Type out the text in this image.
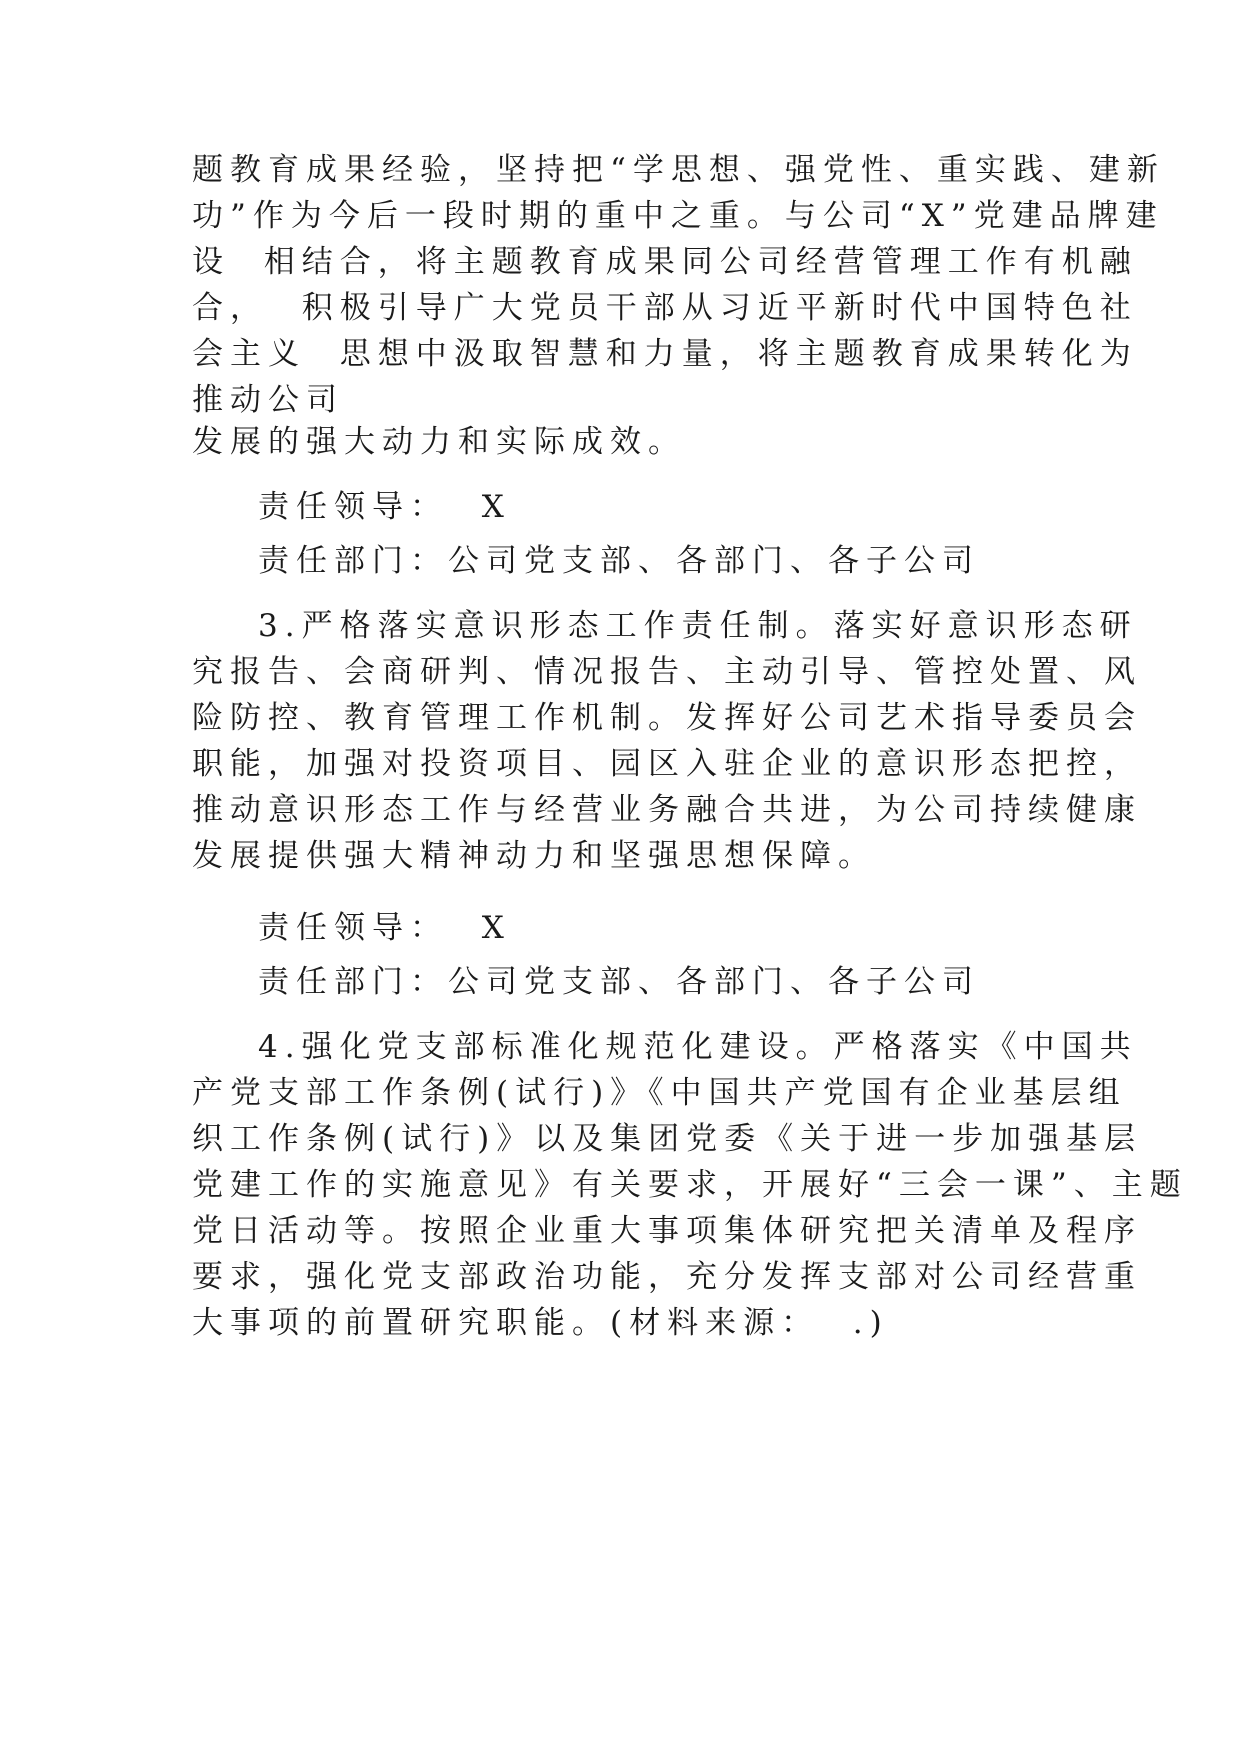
题教育成果经验，坚持把“学思想、强党性、重实践、建新
功”作为今后一段时期的重中之重。与公司“X”党建品牌建
设  相结合，将主题教育成果同公司经营管理工作有机融
合，  积极引导广大党员干部从习近平新时代中国特色社
会主义  思想中汲取智慧和力量，将主题教育成果转化为
推动公司
发展的强大动力和实际成效。
责任领导：  X
责任部门：公司党支部、各部门、各子公司
3.严格落实意识形态工作责任制。落实好意识形态研
究报告、会商研判、情况报告、主动引导、管控处置、风
险防控、教育管理工作机制。发挥好公司艺术指导委员会
职能，加强对投资项目、园区入驻企业的意识形态把控，
推动意识形态工作与经营业务融合共进，为公司持续健康
发展提供强大精神动力和坚强思想保障。
责任领导：  X
责任部门：公司党支部、各部门、各子公司
4.强化党支部标准化规范化建设。严格落实《中国共
产党支部工作条例(试行)》《中国共产党国有企业基层组
织工作条例(试行)》以及集团党委《关于进一步加强基层
党建工作的实施意见》有关要求，开展好“三会一课”、主题
党日活动等。按照企业重大事项集体研究把关清单及程序
要求，强化党支部政治功能，充分发挥支部对公司经营重
大事项的前置研究职能。(材料来源：  .)
